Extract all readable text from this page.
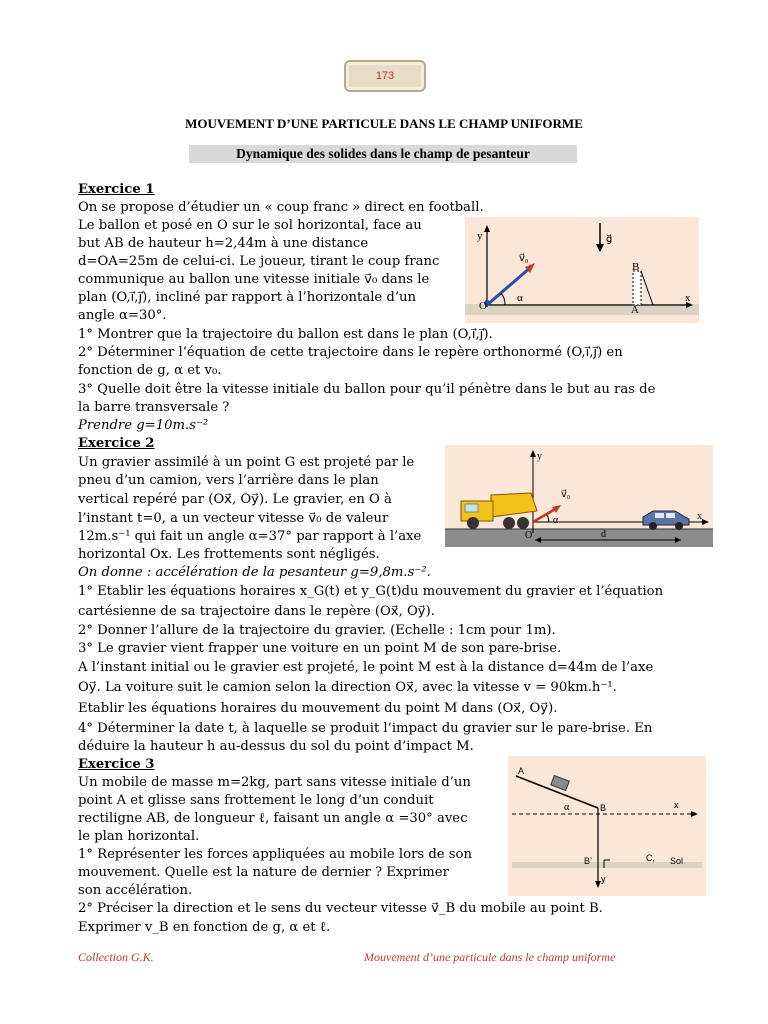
173
MOUVEMENT D’UNE PARTICULE DANS LE CHAMP UNIFORME
Dynamique des solides dans le champ de pesanteur
Exercice 1
On se propose d’étudier un « coup franc » direct en football.
Le ballon et posé en O sur le sol horizontal, face au
but AB de hauteur h=2,44m à une distance
d=OA=25m de celui-ci. Le joueur, tirant le coup franc
communique au ballon une vitesse initiale v⃗₀ dans le
plan (O,i⃗,j⃗), incliné par rapport à l’horizontale d’un
angle α=30°.
1° Montrer que la trajectoire du ballon est dans le plan (O,i⃗,j⃗).
2° Déterminer l’équation de cette trajectoire dans le repère orthonormé (O,i⃗,j⃗) en
fonction de g, α et v₀.
3° Quelle doit être la vitesse initiale du ballon pour qu’il pénètre dans le but au ras de
la barre transversale ?
Prendre g=10m.s⁻²
y
x
O	A
B
α
v⃗₀
g⃗
Exercice 2
Un gravier assimilé à un point G est projeté par le
pneu d’un camion, vers l’arrière dans le plan
vertical repéré par (Ox⃗, Oy⃗). Le gravier, en O à
l’instant t=0, a un vecteur vitesse v⃗₀ de valeur
12m.s⁻¹ qui fait un angle α=37° par rapport à l’axe
horizontal Ox. Les frottements sont négligés.
On donne : accélération de la pesanteur g=9,8m.s⁻².
1° Etablir les équations horaires x_G(t) et y_G(t)du mouvement du gravier et l’équation
cartésienne de sa trajectoire dans le repère (Ox⃗, Oy⃗).
2° Donner l’allure de la trajectoire du gravier. (Echelle : 1cm pour 1m).
3° Le gravier vient frapper une voiture en un point M de son pare-brise.
A l’instant initial ou le gravier est projeté, le point M est à la distance d=44m de l’axe
Oy⃗. La voiture suit le camion selon la direction Ox⃗, avec la vitesse v = 90km.h⁻¹.
Etablir les équations horaires du mouvement du point M dans (Ox⃗, Oy⃗).
4° Déterminer la date t, à laquelle se produit l’impact du gravier sur le pare-brise. En
déduire la hauteur h au-dessus du sol du point d’impact M.
y
x
O	d
α
v⃗₀
Exercice 3
Un mobile de masse m=2kg, part sans vitesse initiale d’un
point A et glisse sans frottement le long d’un conduit
rectiligne AB, de longueur ℓ, faisant un angle α =30° avec
le plan horizontal.
1° Représenter les forces appliquées au mobile lors de son
mouvement. Quelle est la nature de dernier ? Exprimer
son accélération.
2° Préciser la direction et le sens du vecteur vitesse v⃗_B du mobile au point B.
Exprimer v_B en fonction de g, α et ℓ.
A
B
α	x
y
B’	C, Sol
Collection G.K.	Mouvement d’une particule dans le champ uniforme
